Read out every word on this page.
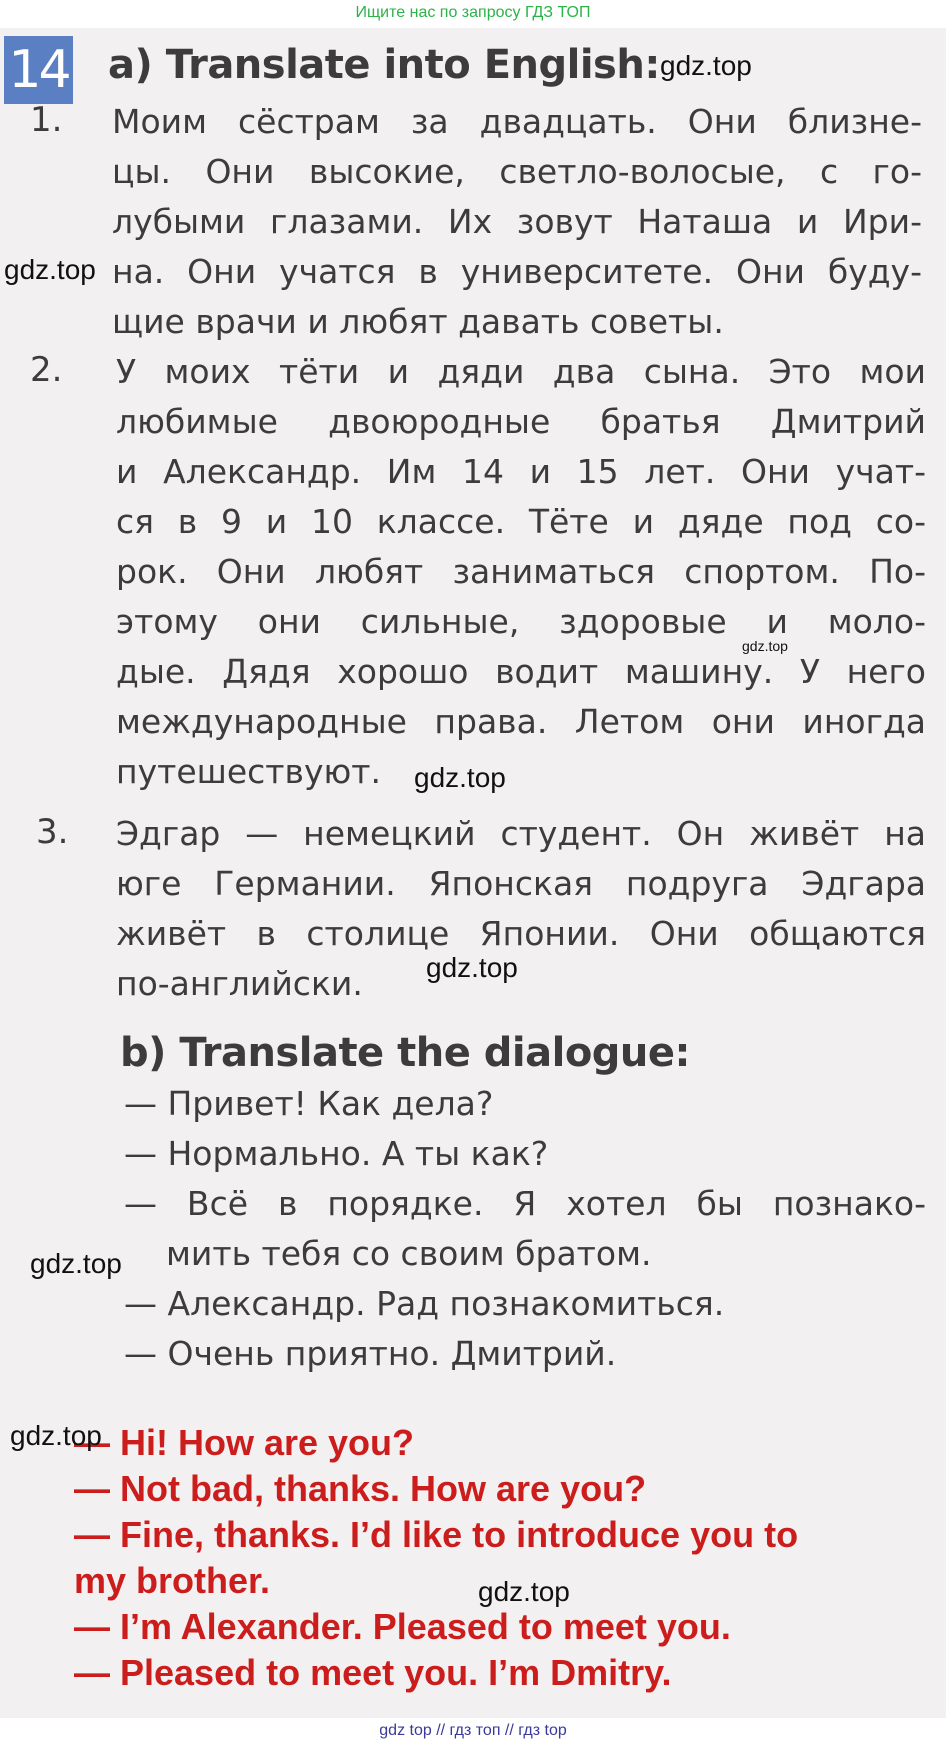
Ищите нас по запросу ГДЗ ТОП
14 a) Translate into English:
1. Моим сёстрам за двадцать. Они близне-
цы. Они высокие, светло-волосые, с го-
лубыми глазами. Их зовут Наташа и Ири-
на. Они учатся в университете. Они буду-
щие врачи и любят давать советы.
2. У моих тёти и дяди два сына. Это мои
любимые двоюродные братья Дмитрий
и Александр. Им 14 и 15 лет. Они учат-
ся в 9 и 10 классе. Тёте и дяде под со-
рок. Они любят заниматься спортом. По-
этому они сильные, здоровые и моло-
дые. Дядя хорошо водит машину. У него
международные права. Летом они иногда
путешествуют.
3. Эдгар — немецкий студент. Он живёт на
юге Германии. Японская подруга Эдгара
живёт в столице Японии. Они общаются
по-английски.
b) Translate the dialogue:
— Привет! Как дела?
— Нормально. А ты как?
— Всё в порядке. Я хотел бы познако-
мить тебя со своим братом.
— Александр. Рад познакомиться.
— Очень приятно. Дмитрий.
— Hi! How are you?
— Not bad, thanks. How are you?
— Fine, thanks. I’d like to introduce you to
my brother.
— I’m Alexander. Pleased to meet you.
— Pleased to meet you. I’m Dmitry.
gdz.top
gdz.top
gdz.top
gdz.top
gdz.top
gdz.top
gdz.top
gdz.top
gdz top // гдз топ // гдз top
